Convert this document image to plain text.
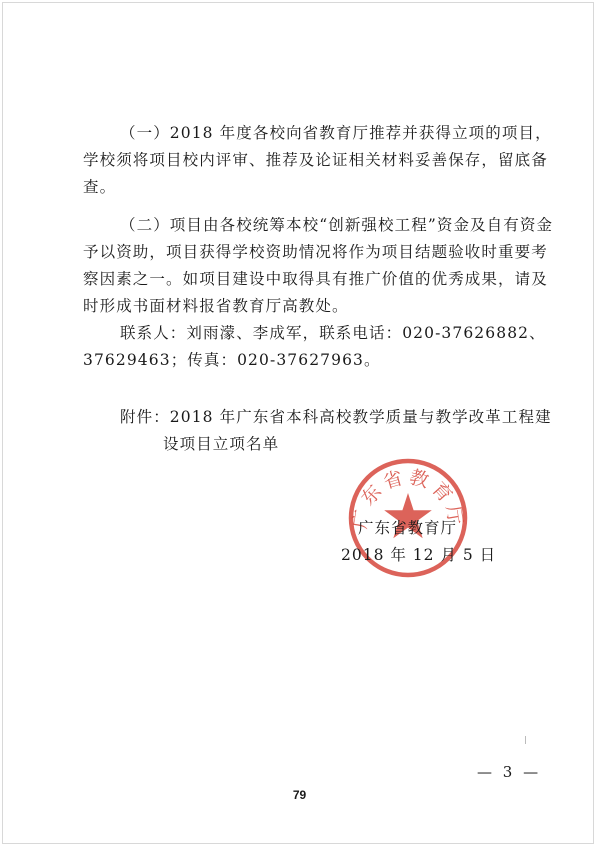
（一）2018 年度各校向省教育厅推荐并获得立项的项目，
学校须将项目校内评审、推荐及论证相关材料妥善保存，留底备
查。
（二）项目由各校统筹本校“创新强校工程”资金及自有资金
予以资助，项目获得学校资助情况将作为项目结题验收时重要考
察因素之一。如项目建设中取得具有推广价值的优秀成果，请及
时形成书面材料报省教育厅高教处。
联系人：刘雨濛、李成军，联系电话：020-37626882、
37629463；传真：020-37627963。
附件：2018 年广东省本科高校教学质量与教学改革工程建
设项目立项名单
广东省教育厅
广东省教育厅
2018 年 12 月 5 日
— 3 —
79
